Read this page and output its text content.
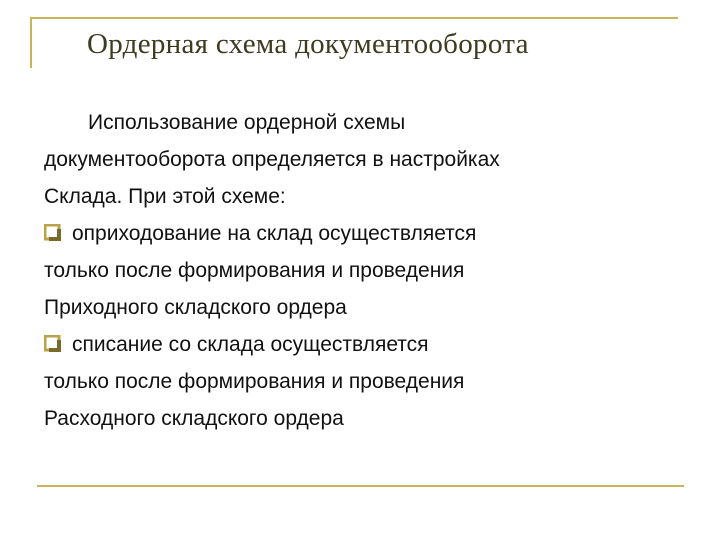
Ордерная схема документооборота
Использование ордерной схемы
документооборота определяется в настройках
Склада. При этой схеме:
оприходование на склад осуществляется
только после формирования и проведения
Приходного складского ордера
списание со склада осуществляется
только после формирования и проведения
Расходного складского ордера
